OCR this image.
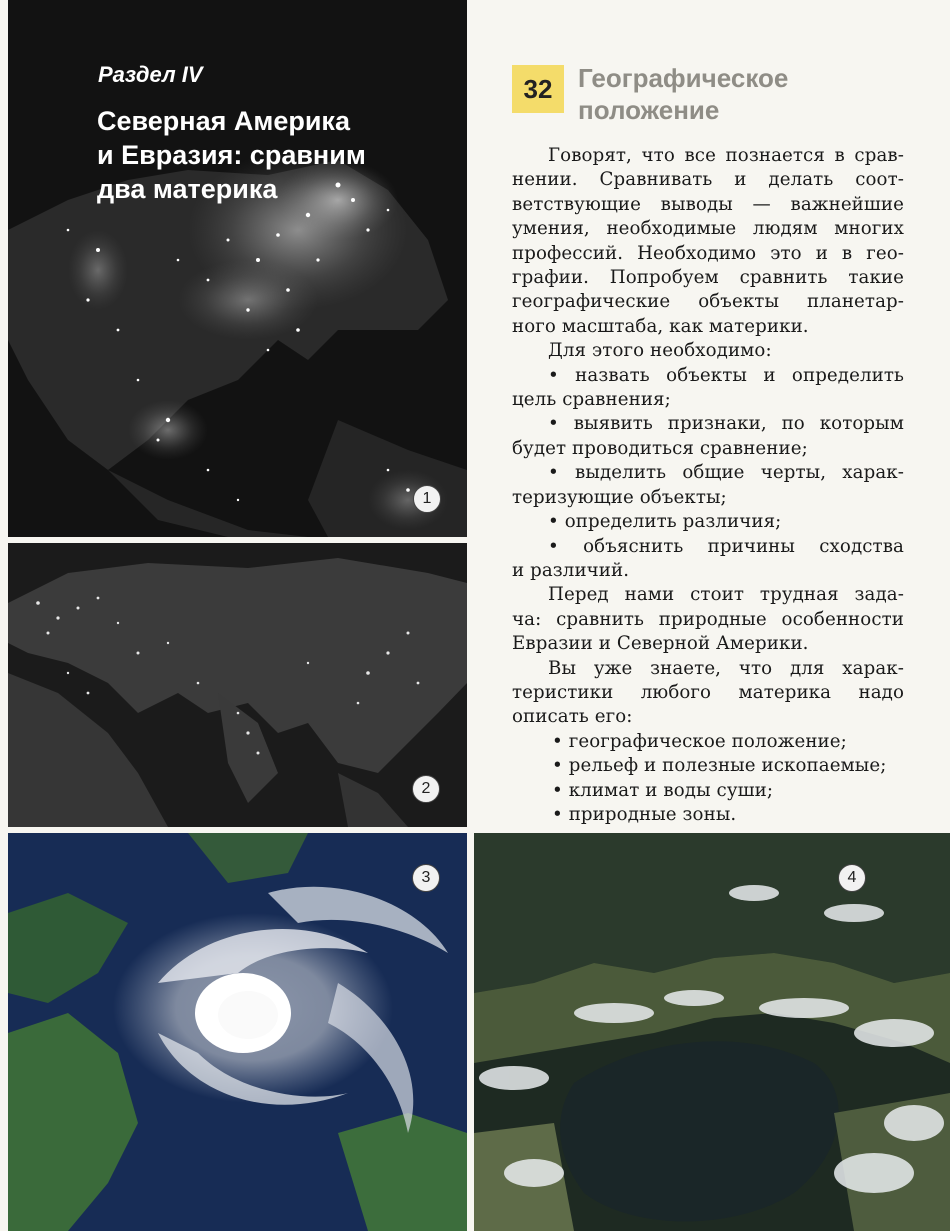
1
Раздел IV
Северная Америка
и Евразия: сравним
два материка
2
3	4
32 Географическое
положение
Говорят, что все познается в срав-
нении. Сравнивать и делать соот-
ветствующие выводы — важнейшие
умения, необходимые людям многих
профессий. Необходимо это и в гео-
графии. Попробуем сравнить такие
географические объекты планетар-
ного масштаба, как материки.
Для этого необходимо:
• назвать объекты и определить
цель сравнения;
• выявить признаки, по которым
будет проводиться сравнение;
• выделить общие черты, харак-
теризующие объекты;
• определить различия;
• объяснить причины сходства
и различий.
Перед нами стоит трудная зада-
ча: сравнить природные особенности
Евразии и Северной Америки.
Вы уже знаете, что для харак-
теристики любого материка надо
описать его:
• географическое положение;
• рельеф и полезные ископаемые;
• климат и воды суши;
• природные зоны.
